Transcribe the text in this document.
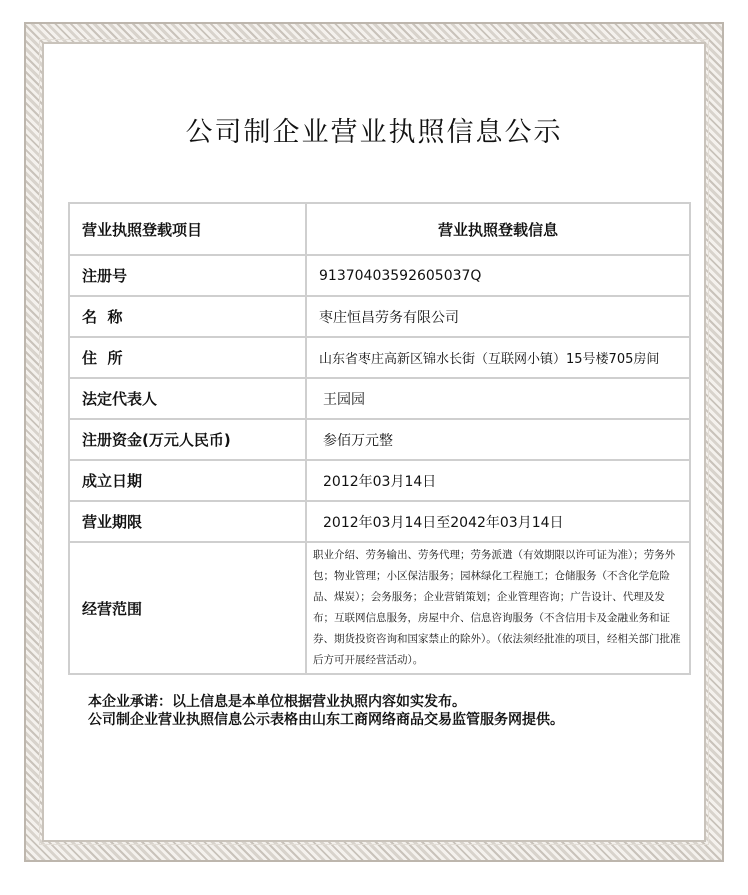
公司制企业营业执照信息公示
营业执照登载项目	营业执照登载信息
注册号	91370403592605037Q
名  称	枣庄恒昌劳务有限公司
住  所	山东省枣庄高新区锦水长街（互联网小镇）15号楼705房间
法定代表人	王园园
注册资金(万元人民币)	参佰万元整
成立日期	2012年03月14日
营业期限	2012年03月14日至2042年03月14日
经营范围	职业介绍、劳务输出、劳务代理；劳务派遣（有效期限以许可证为准）；劳务外包；物业管理；小区保洁服务；园林绿化工程施工；仓储服务（不含化学危险品、煤炭）；会务服务；企业营销策划；企业管理咨询；广告设计、代理及发布；互联网信息服务，房屋中介、信息咨询服务（不含信用卡及金融业务和证券、期货投资咨询和国家禁止的除外）。（依法须经批准的项目，经相关部门批准后方可开展经营活动）。
本企业承诺：以上信息是本单位根据营业执照内容如实发布。
公司制企业营业执照信息公示表格由山东工商网络商品交易监管服务网提供。
